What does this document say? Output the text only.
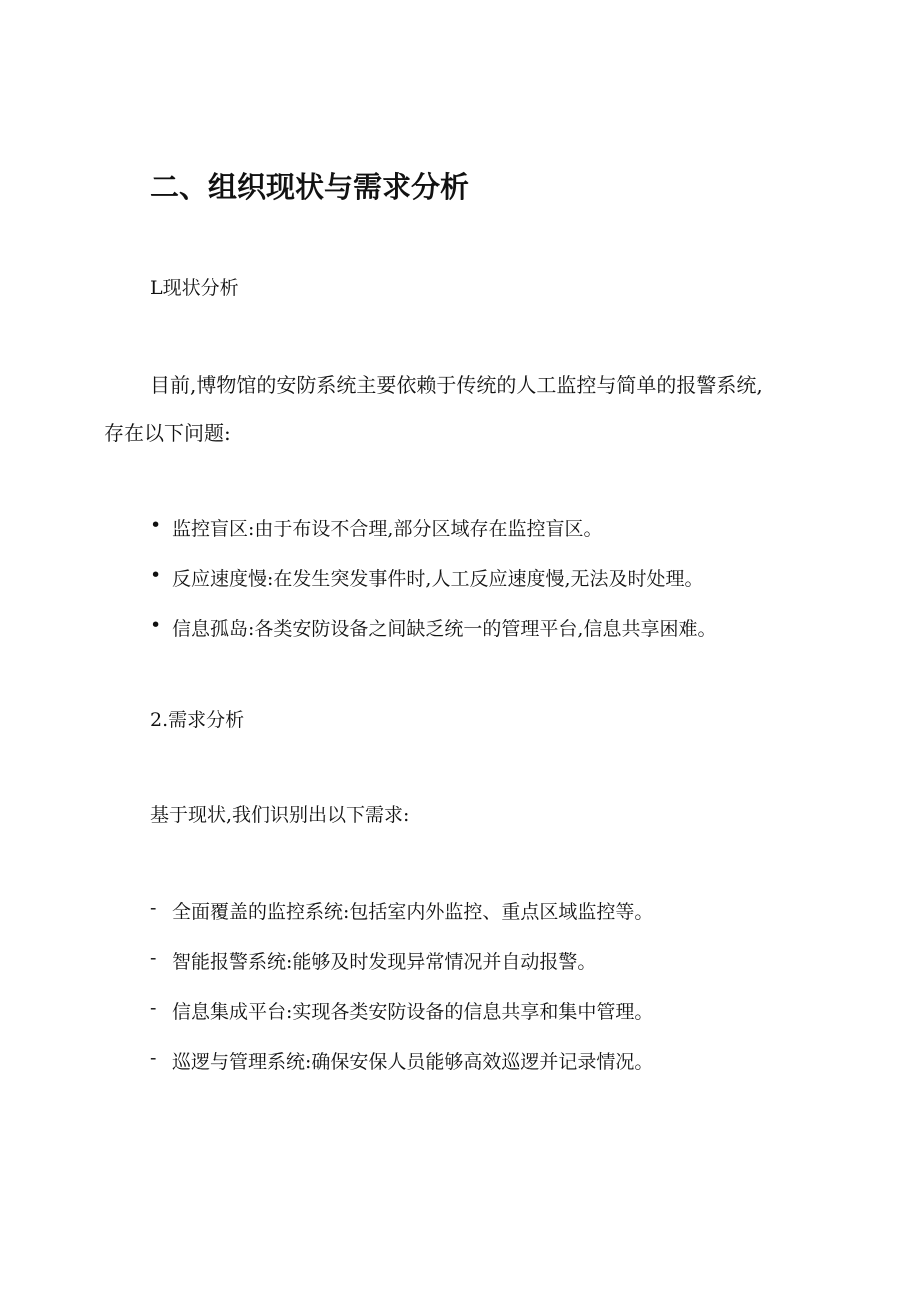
二、组织现状与需求分析
L现状分析
目前,博物馆的安防系统主要依赖于传统的人工监控与简单的报警系统,
存在以下问题:
• 监控盲区:由于布设不合理,部分区域存在监控盲区。
• 反应速度慢:在发生突发事件时,人工反应速度慢,无法及时处理。
• 信息孤岛:各类安防设备之间缺乏统一的管理平台,信息共享困难。
2.需求分析
基于现状,我们识别出以下需求:
- 全面覆盖的监控系统:包括室内外监控、重点区域监控等。
- 智能报警系统:能够及时发现异常情况并自动报警。
- 信息集成平台:实现各类安防设备的信息共享和集中管理。
- 巡逻与管理系统:确保安保人员能够高效巡逻并记录情况。
